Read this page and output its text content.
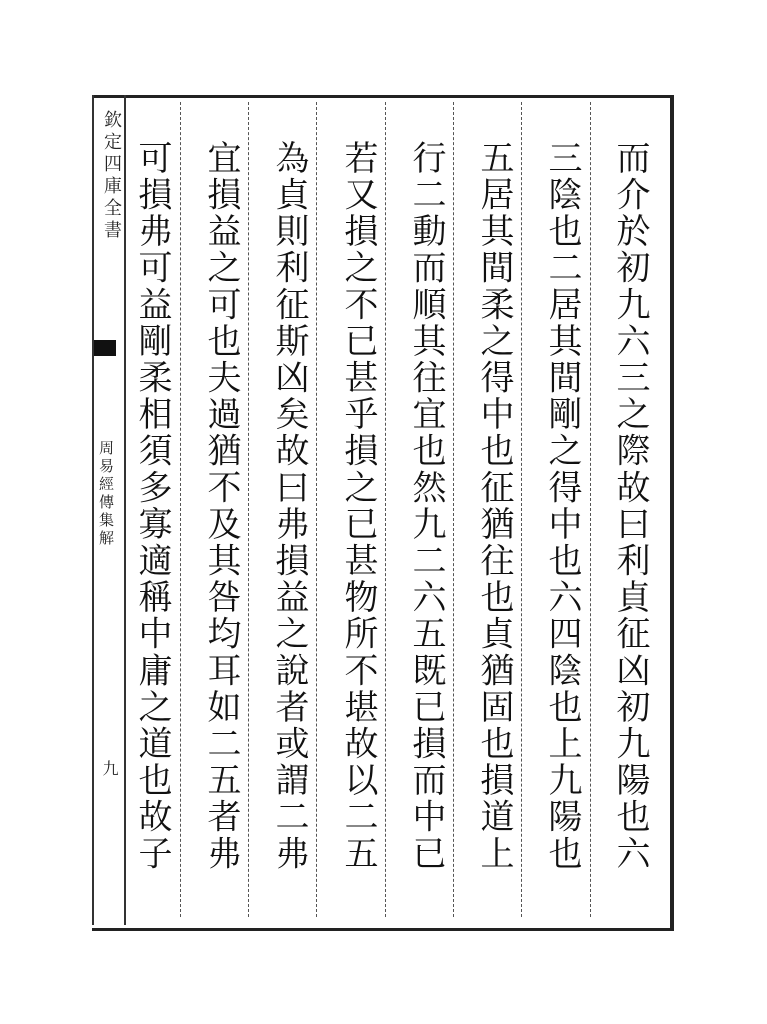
欽定四庫全書
周易經傳集解
九	而介於初九六三之際故曰利貞征凶初九陽也六
三陰也二居其間剛之得中也六四陰也上九陽也
五居其間柔之得中也征猶往也貞猶固也損道上
行二動而順其往宜也然九二六五既已損而中已
若又損之不已甚乎損之已甚物所不堪故以二五
為貞則利征斯凶矣故曰弗損益之說者或謂二弗
宜損益之可也夫過猶不及其咎均耳如二五者弗
可損弗可益剛柔相須多寡適稱中庸之道也故子
